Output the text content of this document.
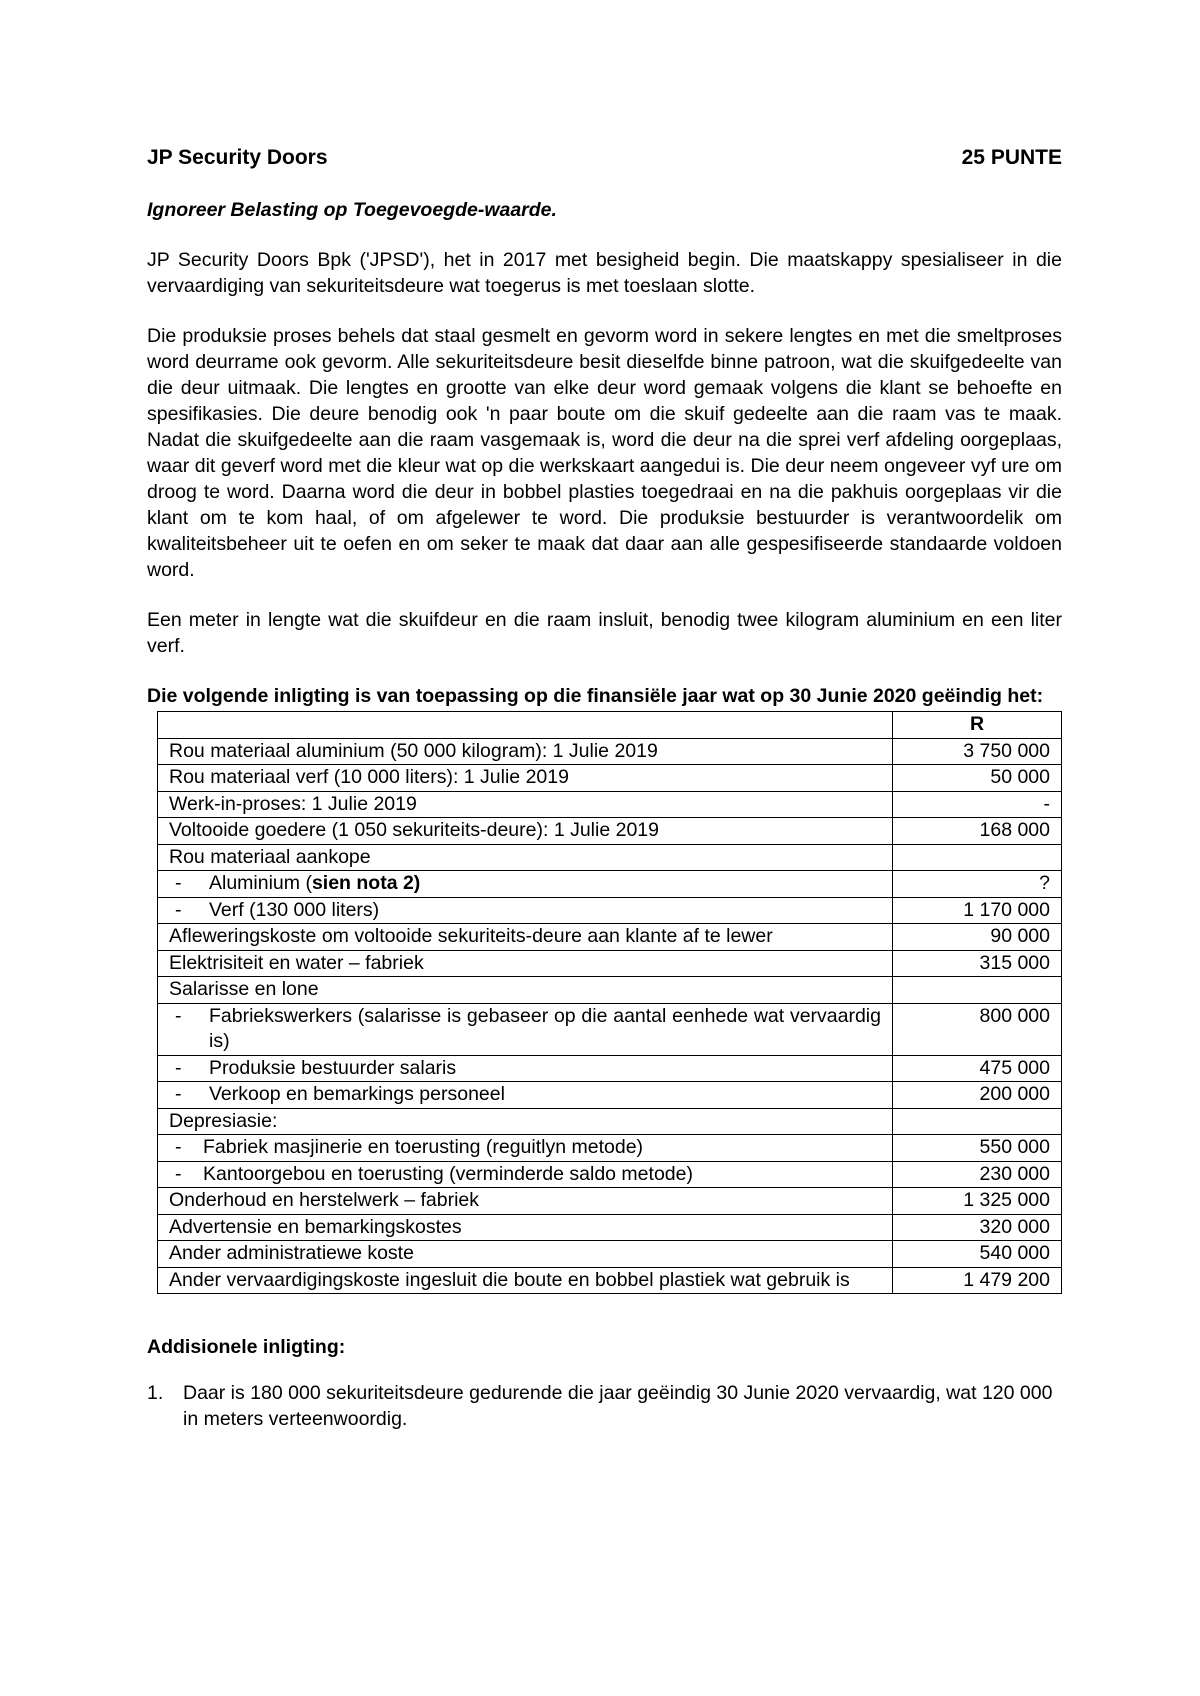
JP Security Doors	25 PUNTE
Ignoreer Belasting op Toegevoegde-waarde.

JP Security Doors Bpk ('JPSD'), het in 2017 met besigheid begin. Die maatskappy spesialiseer in die vervaardiging van sekuriteitsdeure wat toegerus is met toeslaan slotte.

Die produksie proses behels dat staal gesmelt en gevorm word in sekere lengtes en met die smeltproses word deurrame ook gevorm. Alle sekuriteitsdeure besit dieselfde binne patroon, wat die skuifgedeelte van die deur uitmaak. Die lengtes en grootte van elke deur word gemaak volgens die klant se behoefte en spesifikasies. Die deure benodig ook 'n paar boute om die skuif gedeelte aan die raam vas te maak. Nadat die skuifgedeelte aan die raam vasgemaak is, word die deur na die sprei verf afdeling oorgeplaas, waar dit geverf word met die kleur wat op die werkskaart aangedui is. Die deur neem ongeveer vyf ure om droog te word. Daarna word die deur in bobbel plasties toegedraai en na die pakhuis oorgeplaas vir die klant om te kom haal, of om afgelewer te word. Die produksie bestuurder is verantwoordelik om kwaliteitsbeheer uit te oefen en om seker te maak dat daar aan alle gespesifiseerde standaarde voldoen word.

Een meter in lengte wat die skuifdeur en die raam insluit, benodig twee kilogram aluminium en een liter verf.

Die volgende inligting is van toepassing op die finansiële jaar wat op 30 Junie 2020 geëindig het:
	R
Rou materiaal aluminium (50 000 kilogram): 1 Julie 2019	3 750 000
Rou materiaal verf (10 000 liters): 1 Julie 2019	50 000
Werk-in-proses: 1 Julie 2019	-
Voltooide goedere (1 050 sekuriteits-deure): 1 Julie 2019	168 000
Rou materiaal aankope	

- Aluminium (sien nota 2)	?

- Verf (130 000 liters)	1 170 000
Afleweringskoste om voltooide sekuriteits-deure aan klante af te lewer	90 000
Elektrisiteit en water – fabriek	315 000
Salarisse en lone	

- Fabriekswerkers (salarisse is gebaseer op die aantal eenhede wat vervaardig is)	800 000

- Produksie bestuurder salaris	475 000

- Verkoop en bemarkings personeel	200 000
Depresiasie:	

- Fabriek masjinerie en toerusting (reguitlyn metode)	550 000

- Kantoorgebou en toerusting (verminderde saldo metode)	230 000
Onderhoud en herstelwerk – fabriek	1 325 000
Advertensie en bemarkingskostes	320 000
Ander administratiewe koste	540 000
Ander vervaardigingskoste ingesluit die boute en bobbel plastiek wat gebruik is	1 479 200
Addisionele inligting:
1.	Daar is 180 000 sekuriteitsdeure gedurende die jaar geëindig 30 Junie 2020 vervaardig, wat 120 000 in meters verteenwoordig.
